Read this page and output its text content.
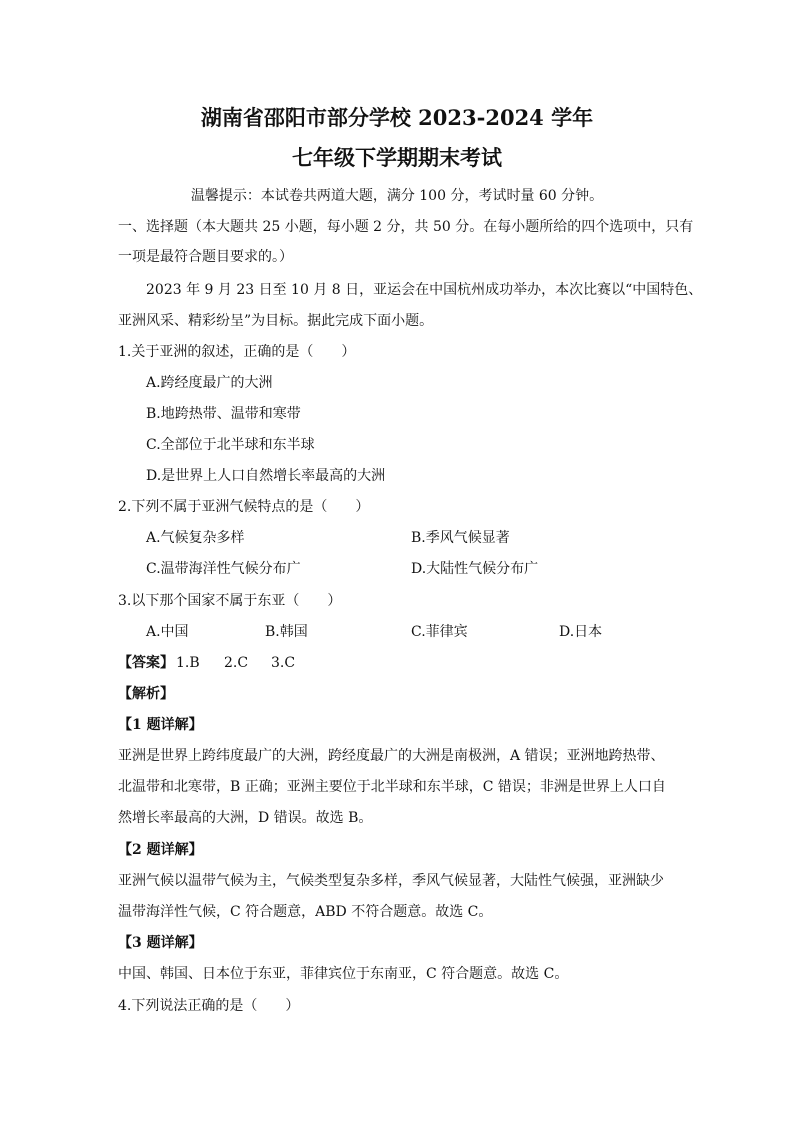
湖南省邵阳市部分学校 2023-2024 学年
七年级下学期期末考试
温馨提示：本试卷共两道大题，满分 100 分，考试时量 60 分钟。
一、选择题（本大题共 25 小题，每小题 2 分，共 50 分。在每小题所给的四个选项中，只有
一项是最符合题目要求的。）
2023 年 9 月 23 日至 10 月 8 日，亚运会在中国杭州成功举办，本次比赛以“中国特色、
亚洲风采、精彩纷呈”为目标。据此完成下面小题。
1.关于亚洲的叙述，正确的是（　　）
A.跨经度最广的大洲
B.地跨热带、温带和寒带
C.全部位于北半球和东半球
D.是世界上人口自然增长率最高的大洲
2.下列不属于亚洲气候特点的是（　　）
A.气候复杂多样	B.季风气候显著
C.温带海洋性气候分布广	D.大陆性气候分布广
3.以下那个国家不属于东亚（　　）
A.中国	B.韩国	C.菲律宾	D.日本
【答案】 1.B 2.C 3.C
【解析】
【1 题详解】
亚洲是世界上跨纬度最广的大洲，跨经度最广的大洲是南极洲，A 错误；亚洲地跨热带、
北温带和北寒带，B 正确；亚洲主要位于北半球和东半球，C 错误；非洲是世界上人口自
然增长率最高的大洲，D 错误。故选 B。
【2 题详解】
亚洲气候以温带气候为主，气候类型复杂多样，季风气候显著，大陆性气候强，亚洲缺少
温带海洋性气候，C 符合题意，ABD 不符合题意。故选 C。
【3 题详解】
中国、韩国、日本位于东亚，菲律宾位于东南亚，C 符合题意。故选 C。
4.下列说法正确的是（　　）
